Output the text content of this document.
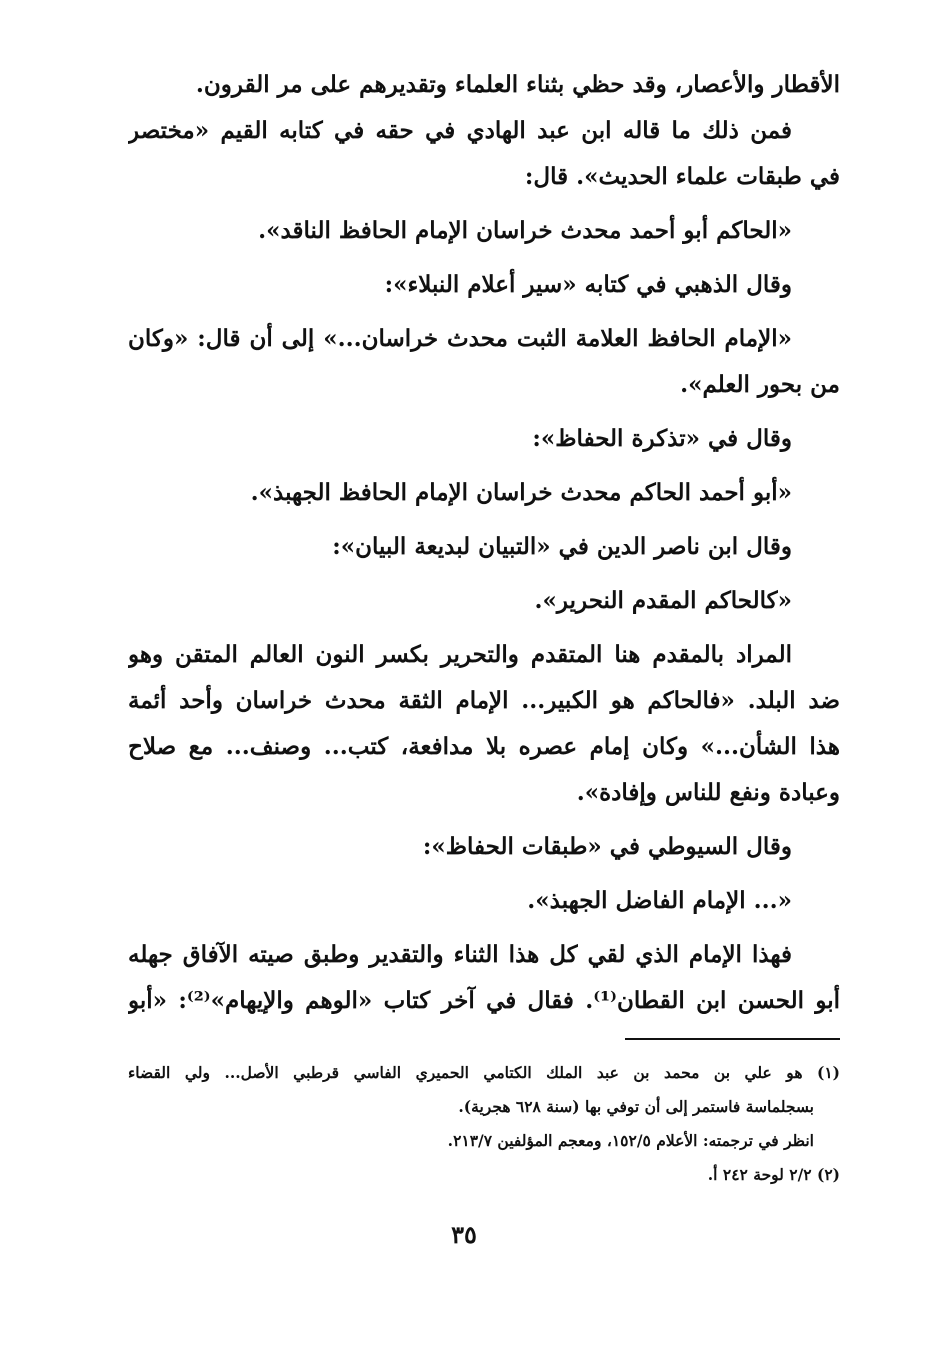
الأقطار والأعصار، وقد حظي بثناء العلماء وتقديرهم على مر القرون.
فمن ذلك ما قاله ابن عبد الهادي في حقه في كتابه القيم «مختصر
في طبقات علماء الحديث». قال:
«الحاكم أبو أحمد محدث خراسان الإمام الحافظ الناقد».
وقال الذهبي في كتابه «سير أعلام النبلاء»:
«الإمام الحافظ العلامة الثبت محدث خراسان...» إلى أن قال: «وكان
من بحور العلم».
وقال في «تذكرة الحفاظ»:
«أبو أحمد الحاكم محدث خراسان الإمام الحافظ الجهبذ».
وقال ابن ناصر الدين في «التبيان لبديعة البيان»:
«كالحاكم المقدم النحرير».
المراد بالمقدم هنا المتقدم والتحرير بكسر النون العالم المتقن وهو
ضد البلد. «فالحاكم هو الكبير... الإمام الثقة محدث خراسان وأحد أئمة
هذا الشأن...» وكان إمام عصره بلا مدافعة، كتب... وصنف... مع صلاح
وعبادة ونفع للناس وإفادة».
وقال السيوطي في «طبقات الحفاظ»:
«... الإمام الفاضل الجهبذ».
فهذا الإمام الذي لقي كل هذا الثناء والتقدير وطبق صيته الآفاق جهله
أبو الحسن ابن القطان⁽¹⁾. فقال في آخر كتاب «الوهم والإيهام»⁽²⁾: «أبو
(١) هو علي بن محمد بن عبد الملك الكتامي الحميري الفاسي قرطبي الأصل... ولي القضاء
بسجلماسة فاستمر إلى أن توفي بها (سنة ٦٢٨ هجرية).
انظر في ترجمته: الأعلام ١٥٢/٥، ومعجم المؤلفين ٢١٣/٧.
(٢) ٢/٢ لوحة ٢٤٢ أ.
٣٥
